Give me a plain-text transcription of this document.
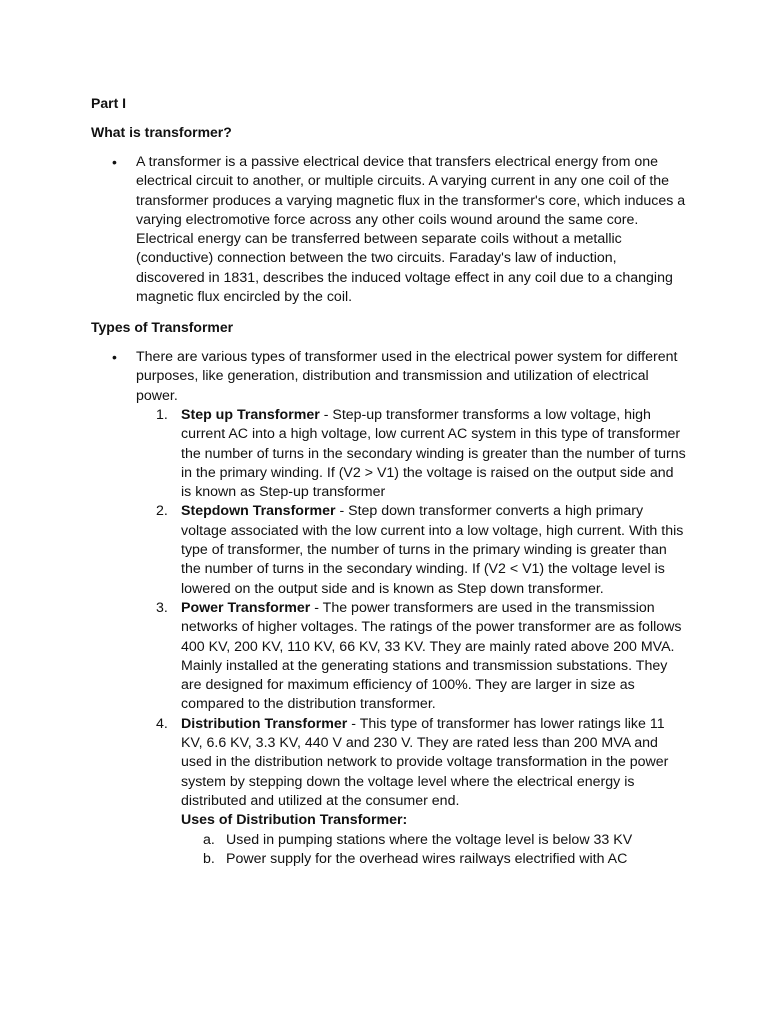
Part I

What is transformer?

•	A transformer is a passive electrical device that transfers electrical energy from one electrical circuit to another, or multiple circuits. A varying current in any one coil of the transformer produces a varying magnetic flux in the transformer's core, which induces a varying electromotive force across any other coils wound around the same core. Electrical energy can be transferred between separate coils without a metallic (conductive) connection between the two circuits. Faraday's law of induction, discovered in 1831, describes the induced voltage effect in any coil due to a changing magnetic flux encircled by the coil.

Types of Transformer

•	There are various types of transformer used in the electrical power system for different purposes, like generation, distribution and transmission and utilization of electrical power.
1. Step up Transformer - Step-up transformer transforms a low voltage, high current AC into a high voltage, low current AC system in this type of transformer the number of turns in the secondary winding is greater than the number of turns in the primary winding. If (V2 > V1) the voltage is raised on the output side and is known as Step-up transformer
2. Stepdown Transformer - Step down transformer converts a high primary voltage associated with the low current into a low voltage, high current. With this type of transformer, the number of turns in the primary winding is greater than the number of turns in the secondary winding. If (V2 < V1) the voltage level is lowered on the output side and is known as Step down transformer.
3. Power Transformer - The power transformers are used in the transmission networks of higher voltages. The ratings of the power transformer are as follows 400 KV, 200 KV, 110 KV, 66 KV, 33 KV. They are mainly rated above 200 MVA. Mainly installed at the generating stations and transmission substations. They are designed for maximum efficiency of 100%. They are larger in size as compared to the distribution transformer.
4. Distribution Transformer - This type of transformer has lower ratings like 11 KV, 6.6 KV, 3.3 KV, 440 V and 230 V. They are rated less than 200 MVA and used in the distribution network to provide voltage transformation in the power system by stepping down the voltage level where the electrical energy is distributed and utilized at the consumer end.
Uses of Distribution Transformer:
a. Used in pumping stations where the voltage level is below 33 KV
b. Power supply for the overhead wires railways electrified with AC
